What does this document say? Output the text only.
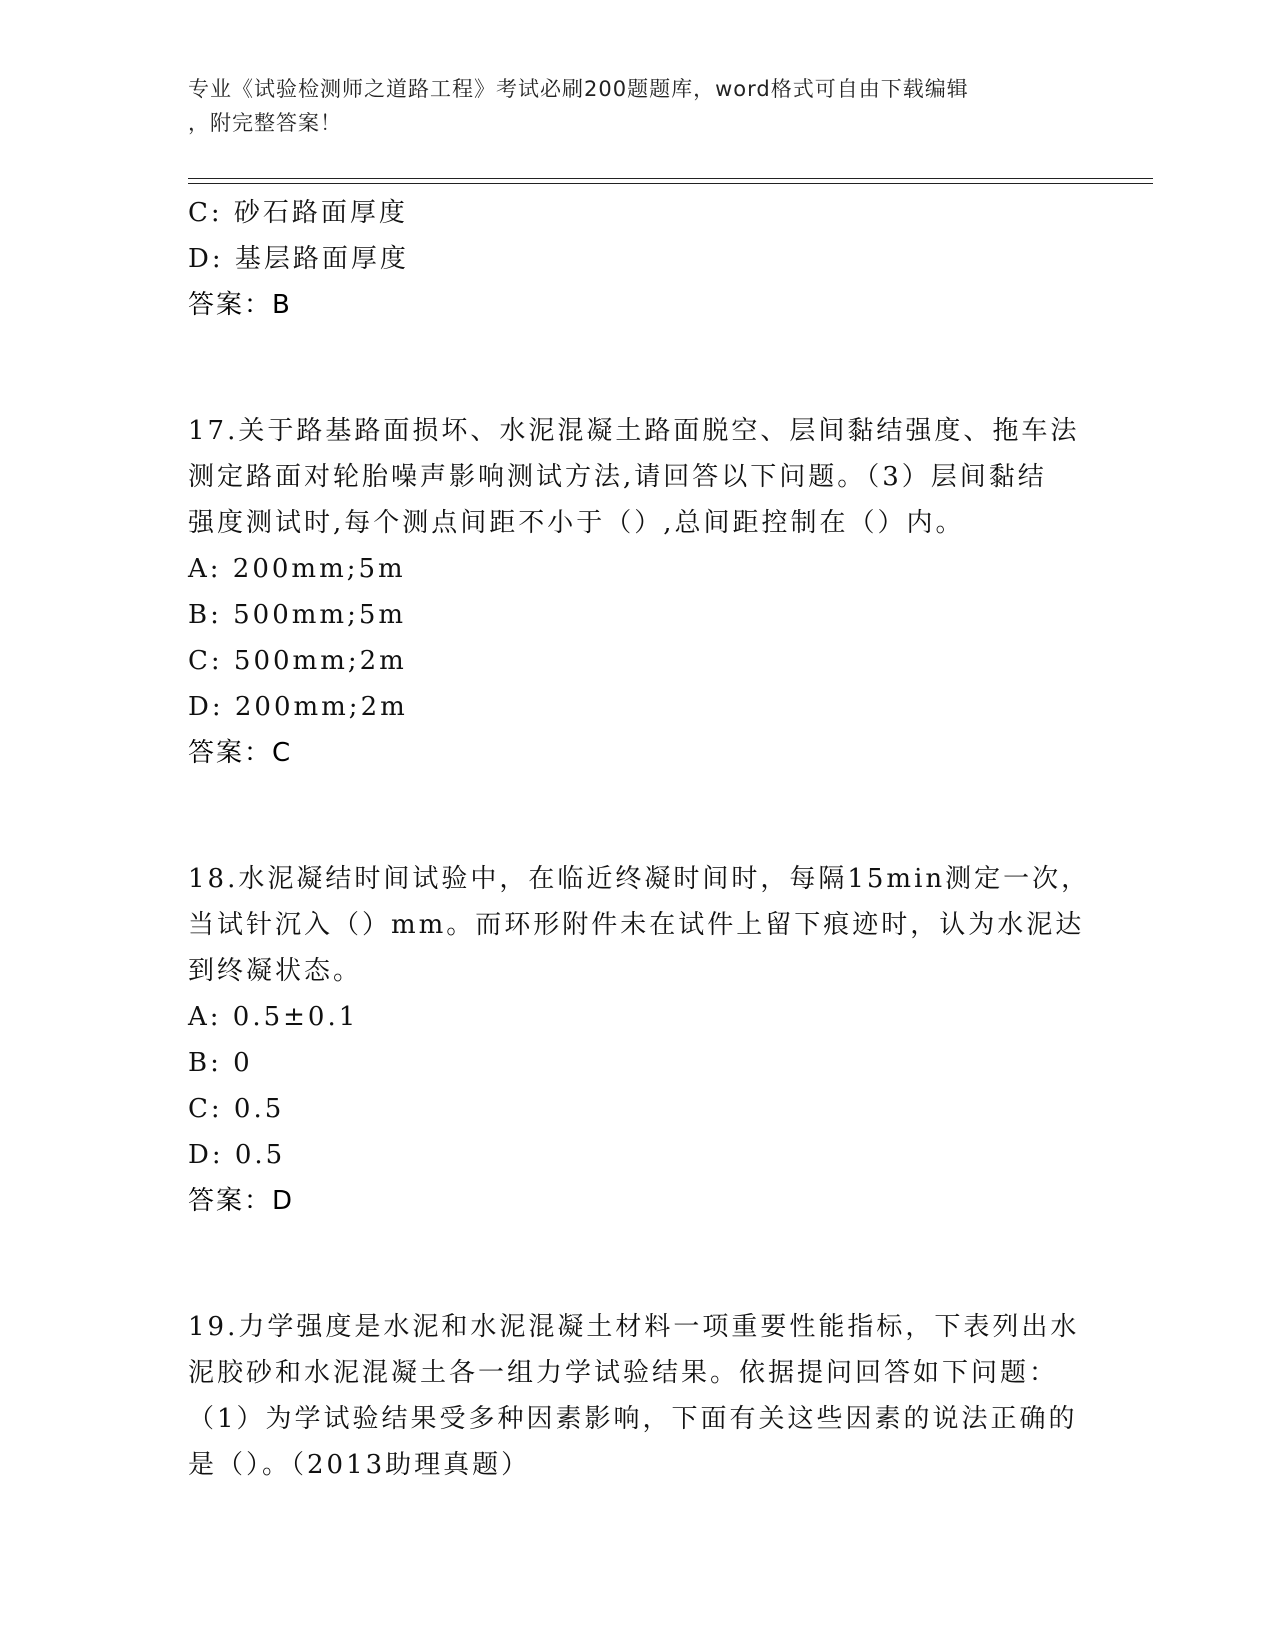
专业《试验检测师之道路工程》考试必刷200题题库，word格式可自由下载编辑
，附完整答案！
C: 砂石路面厚度
D: 基层路面厚度
答案：B
17.关于路基路面损坏、水泥混凝土路面脱空、层间黏结强度、拖车法
测定路面对轮胎噪声影响测试方法,请回答以下问题。（3）层间黏结
强度测试时,每个测点间距不小于（）,总间距控制在（）内。
A: 200mm;5m
B: 500mm;5m
C: 500mm;2m
D: 200mm;2m
答案：C
18.水泥凝结时间试验中，在临近终凝时间时，每隔15min测定一次，
当试针沉入（）mm。而环形附件未在试件上留下痕迹时，认为水泥达
到终凝状态。
A: 0.5±0.1
B: 0
C: 0.5
D: 0.5
答案：D
19.力学强度是水泥和水泥混凝土材料一项重要性能指标，下表列出水
泥胶砂和水泥混凝土各一组力学试验结果。依据提问回答如下问题：
（1）为学试验结果受多种因素影响，下面有关这些因素的说法正确的
是（）。（2013助理真题）
